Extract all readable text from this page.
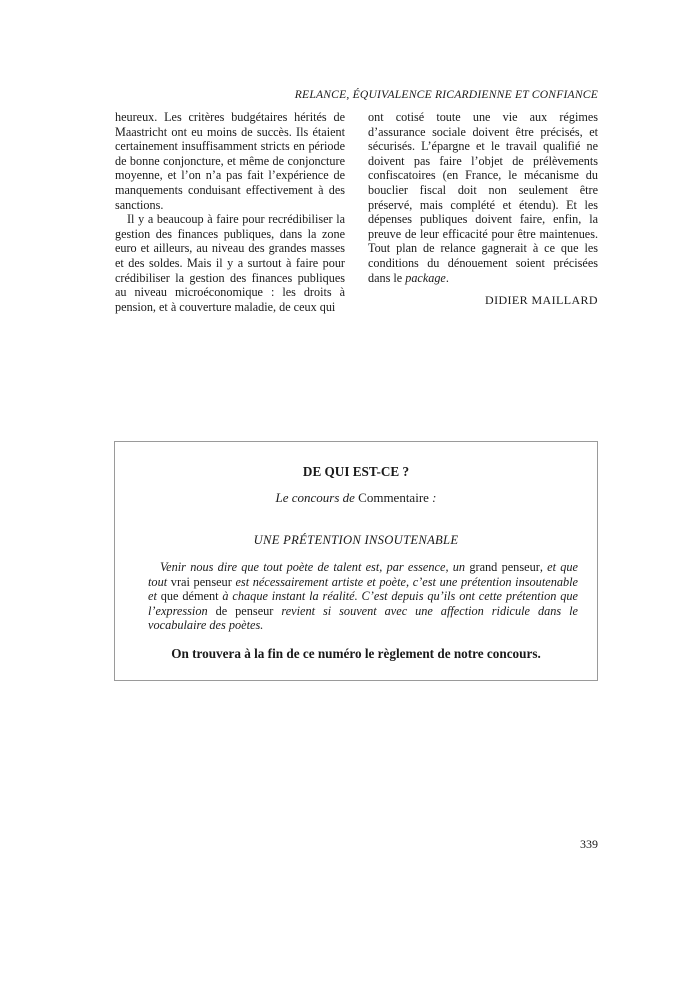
RELANCE, ÉQUIVALENCE RICARDIENNE ET CONFIANCE

heureux. Les critères budgétaires hérités de Maastricht ont eu moins de succès. Ils étaient certainement insuffisamment stricts en période de bonne conjoncture, et même de conjoncture moyenne, et l’on n’a pas fait l’expérience de manquements conduisant effectivement à des sanctions.

Il y a beaucoup à faire pour recrédibiliser la gestion des finances publiques, dans la zone euro et ailleurs, au niveau des grandes masses et des soldes. Mais il y a surtout à faire pour crédibiliser la gestion des finances publiques au niveau microéconomique : les droits à pension, et à couverture maladie, de ceux qui

ont cotisé toute une vie aux régimes d’assurance sociale doivent être précisés, et sécurisés. L’épargne et le travail qualifié ne doivent pas faire l’objet de prélèvements confiscatoires (en France, le mécanisme du bouclier fiscal doit non seulement être préservé, mais complété et étendu). Et les dépenses publiques doivent faire, enfin, la preuve de leur efficacité pour être maintenues. Tout plan de relance gagnerait à ce que les conditions du dénouement soient précisées dans le package.

DIDIER MAILLARD
DE QUI EST-CE ?
Le concours de Commentaire :
UNE PRÉTENTION INSOUTENABLE

Venir nous dire que tout poète de talent est, par essence, un grand penseur, et que tout vrai penseur est nécessairement artiste et poète, c’est une prétention insoutenable et que dément à chaque instant la réalité. C’est depuis qu’ils ont cette prétention que l’expression de penseur revient si souvent avec une affection ridicule dans le vocabulaire des poètes.

On trouvera à la fin de ce numéro le règlement de notre concours.
339
